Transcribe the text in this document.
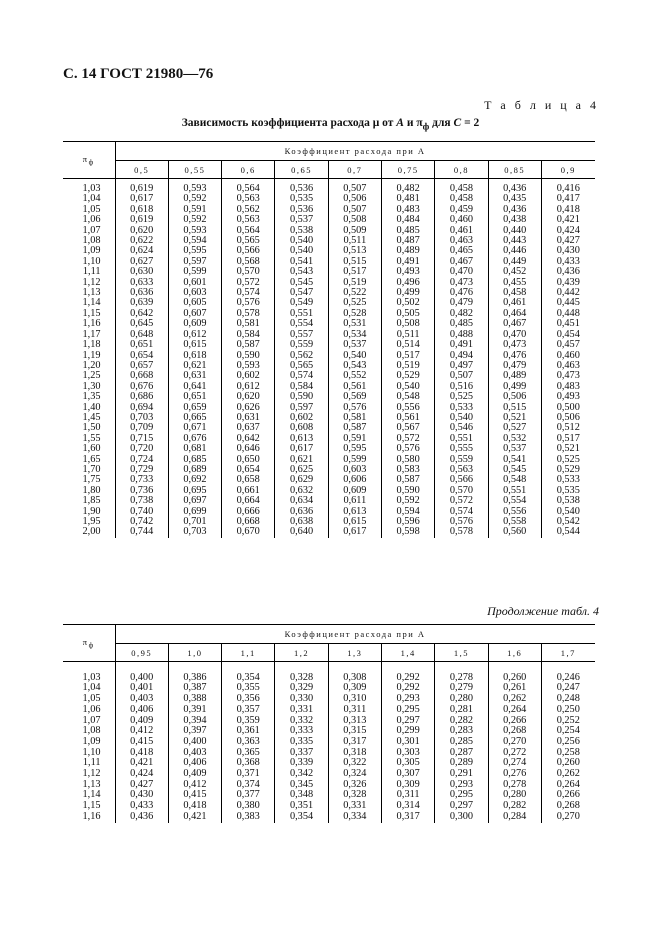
С. 14 ГОСТ 21980—76
Т а б л и ц а 4
Зависимость коэффициента расхода μ от A и $\pi_ф$ для C = 2
$\pi_ф$	Коэффициент расхода при A								
	0,5	0,55	0,6	0,65	0,7	0,75	0,8	0,85	0,9

1,03	0,619	0,593	0,564	0,536	0,507	0,482	0,458	0,436	0,416
1,04	0,617	0,592	0,563	0,535	0,506	0,481	0,458	0,435	0,417
1,05	0,618	0,591	0,562	0,536	0,507	0,483	0,459	0,436	0,418
1,06	0,619	0,592	0,563	0,537	0,508	0,484	0,460	0,438	0,421
1,07	0,620	0,593	0,564	0,538	0,509	0,485	0,461	0,440	0,424
1,08	0,622	0,594	0,565	0,540	0,511	0,487	0,463	0,443	0,427
1,09	0,624	0,595	0,566	0,540	0,513	0,489	0,465	0,446	0,430
1,10	0,627	0,597	0,568	0,541	0,515	0,491	0,467	0,449	0,433
1,11	0,630	0,599	0,570	0,543	0,517	0,493	0,470	0,452	0,436
1,12	0,633	0,601	0,572	0,545	0,519	0,496	0,473	0,455	0,439
1,13	0,636	0,603	0,574	0,547	0,522	0,499	0,476	0,458	0,442
1,14	0,639	0,605	0,576	0,549	0,525	0,502	0,479	0,461	0,445
1,15	0,642	0,607	0,578	0,551	0,528	0,505	0,482	0,464	0,448
1,16	0,645	0,609	0,581	0,554	0,531	0,508	0,485	0,467	0,451
1,17	0,648	0,612	0,584	0,557	0,534	0,511	0,488	0,470	0,454
1,18	0,651	0,615	0,587	0,559	0,537	0,514	0,491	0,473	0,457
1,19	0,654	0,618	0,590	0,562	0,540	0,517	0,494	0,476	0,460
1,20	0,657	0,621	0,593	0,565	0,543	0,519	0,497	0,479	0,463
1,25	0,668	0,631	0,602	0,574	0,552	0,529	0,507	0,489	0,473
1,30	0,676	0,641	0,612	0,584	0,561	0,540	0,516	0,499	0,483
1,35	0,686	0,651	0,620	0,590	0,569	0,548	0,525	0,506	0,493
1,40	0,694	0,659	0,626	0,597	0,576	0,556	0,533	0,515	0,500
1,45	0,703	0,665	0,631	0,602	0,581	0,561	0,540	0,521	0,506
1,50	0,709	0,671	0,637	0,608	0,587	0,567	0,546	0,527	0,512
1,55	0,715	0,676	0,642	0,613	0,591	0,572	0,551	0,532	0,517
1,60	0,720	0,681	0,646	0,617	0,595	0,576	0,555	0,537	0,521
1,65	0,724	0,685	0,650	0,621	0,599	0,580	0,559	0,541	0,525
1,70	0,729	0,689	0,654	0,625	0,603	0,583	0,563	0,545	0,529
1,75	0,733	0,692	0,658	0,629	0,606	0,587	0,566	0,548	0,533
1,80	0,736	0,695	0,661	0,632	0,609	0,590	0,570	0,551	0,535
1,85	0,738	0,697	0,664	0,634	0,611	0,592	0,572	0,554	0,538
1,90	0,740	0,699	0,666	0,636	0,613	0,594	0,574	0,556	0,540
1,95	0,742	0,701	0,668	0,638	0,615	0,596	0,576	0,558	0,542
2,00	0,744	0,703	0,670	0,640	0,617	0,598	0,578	0,560	0,544
Продолжение табл. 4
$\pi_ф$	Коэффициент расхода при A								
	0,95	1,0	1,1	1,2	1,3	1,4	1,5	1,6	1,7

1,03	0,400	0,386	0,354	0,328	0,308	0,292	0,278	0,260	0,246
1,04	0,401	0,387	0,355	0,329	0,309	0,292	0,279	0,261	0,247
1,05	0,403	0,388	0,356	0,330	0,310	0,293	0,280	0,262	0,248
1,06	0,406	0,391	0,357	0,331	0,311	0,295	0,281	0,264	0,250
1,07	0,409	0,394	0,359	0,332	0,313	0,297	0,282	0,266	0,252
1,08	0,412	0,397	0,361	0,333	0,315	0,299	0,283	0,268	0,254
1,09	0,415	0,400	0,363	0,335	0,317	0,301	0,285	0,270	0,256
1,10	0,418	0,403	0,365	0,337	0,318	0,303	0,287	0,272	0,258
1,11	0,421	0,406	0,368	0,339	0,322	0,305	0,289	0,274	0,260
1,12	0,424	0,409	0,371	0,342	0,324	0,307	0,291	0,276	0,262
1,13	0,427	0,412	0,374	0,345	0,326	0,309	0,293	0,278	0,264
1,14	0,430	0,415	0,377	0,348	0,328	0,311	0,295	0,280	0,266
1,15	0,433	0,418	0,380	0,351	0,331	0,314	0,297	0,282	0,268
1,16	0,436	0,421	0,383	0,354	0,334	0,317	0,300	0,284	0,270
